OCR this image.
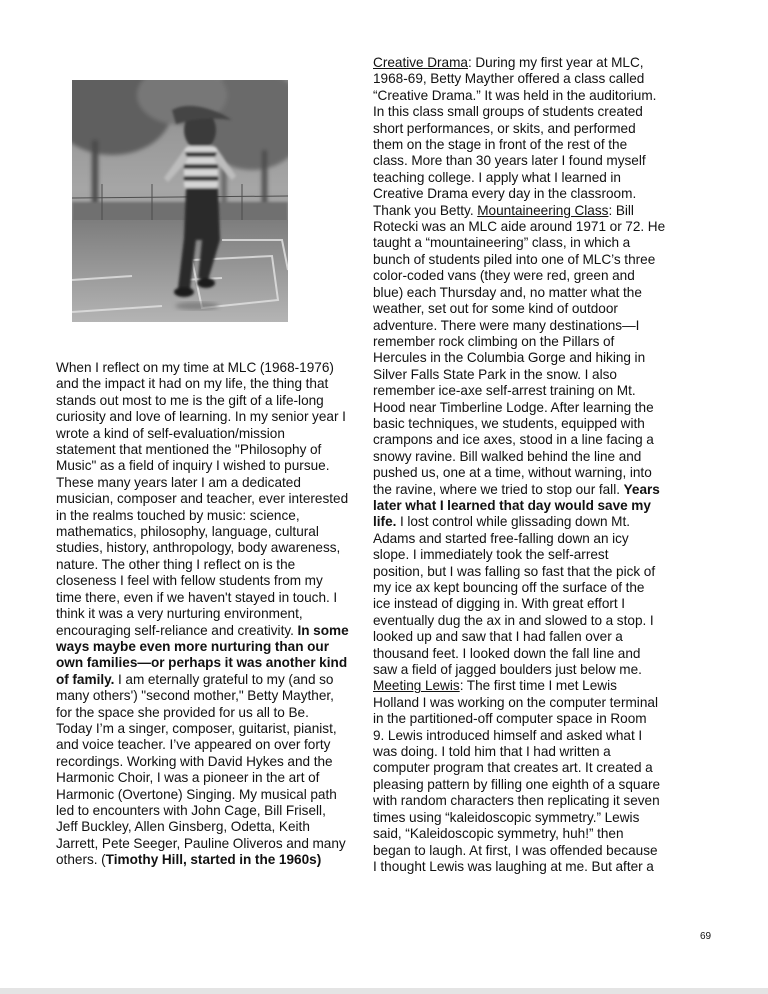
When I reflect on my time at MLC (1968-1976)
and the impact it had on my life, the thing that
stands out most to me is the gift of a life-long
curiosity and love of learning. In my senior year I
wrote a kind of self-evaluation/mission
statement that mentioned the "Philosophy of
Music" as a field of inquiry I wished to pursue.
These many years later I am a dedicated
musician, composer and teacher, ever interested
in the realms touched by music: science,
mathematics, philosophy, language, cultural
studies, history, anthropology, body awareness,
nature. The other thing I reflect on is the
closeness I feel with fellow students from my
time there, even if we haven't stayed in touch. I
think it was a very nurturing environment,
encouraging self-reliance and creativity. In some
ways maybe even more nurturing than our
own families—or perhaps it was another kind
of family. I am eternally grateful to my (and so
many others') "second mother," Betty Mayther,
for the space she provided for us all to Be.
Today I’m a singer, composer, guitarist, pianist,
and voice teacher. I’ve appeared on over forty
recordings. Working with David Hykes and the
Harmonic Choir, I was a pioneer in the art of
Harmonic (Overtone) Singing. My musical path
led to encounters with John Cage, Bill Frisell,
Jeff Buckley, Allen Ginsberg, Odetta, Keith
Jarrett, Pete Seeger, Pauline Oliveros and many
others. (Timothy Hill, started in the 1960s)
Creative Drama: During my first year at MLC,
1968-69, Betty Mayther offered a class called
“Creative Drama.” It was held in the auditorium.
In this class small groups of students created
short performances, or skits, and performed
them on the stage in front of the rest of the
class. More than 30 years later I found myself
teaching college. I apply what I learned in
Creative Drama every day in the classroom.
Thank you Betty. Mountaineering Class: Bill
Rotecki was an MLC aide around 1971 or 72. He
taught a “mountaineering” class, in which a
bunch of students piled into one of MLC’s three
color-coded vans (they were red, green and
blue) each Thursday and, no matter what the
weather, set out for some kind of outdoor
adventure. There were many destinations—I
remember rock climbing on the Pillars of
Hercules in the Columbia Gorge and hiking in
Silver Falls State Park in the snow. I also
remember ice-axe self-arrest training on Mt.
Hood near Timberline Lodge. After learning the
basic techniques, we students, equipped with
crampons and ice axes, stood in a line facing a
snowy ravine. Bill walked behind the line and
pushed us, one at a time, without warning, into
the ravine, where we tried to stop our fall. Years
later what I learned that day would save my
life. I lost control while glissading down Mt.
Adams and started free-falling down an icy
slope. I immediately took the self-arrest
position, but I was falling so fast that the pick of
my ice ax kept bouncing off the surface of the
ice instead of digging in. With great effort I
eventually dug the ax in and slowed to a stop. I
looked up and saw that I had fallen over a
thousand feet. I looked down the fall line and
saw a field of jagged boulders just below me.
Meeting Lewis: The first time I met Lewis
Holland I was working on the computer terminal
in the partitioned-off computer space in Room
9. Lewis introduced himself and asked what I
was doing. I told him that I had written a
computer program that creates art. It created a
pleasing pattern by filling one eighth of a square
with random characters then replicating it seven
times using “kaleidoscopic symmetry.” Lewis
said, “Kaleidoscopic symmetry, huh!” then
began to laugh. At first, I was offended because
I thought Lewis was laughing at me. But after a
69
